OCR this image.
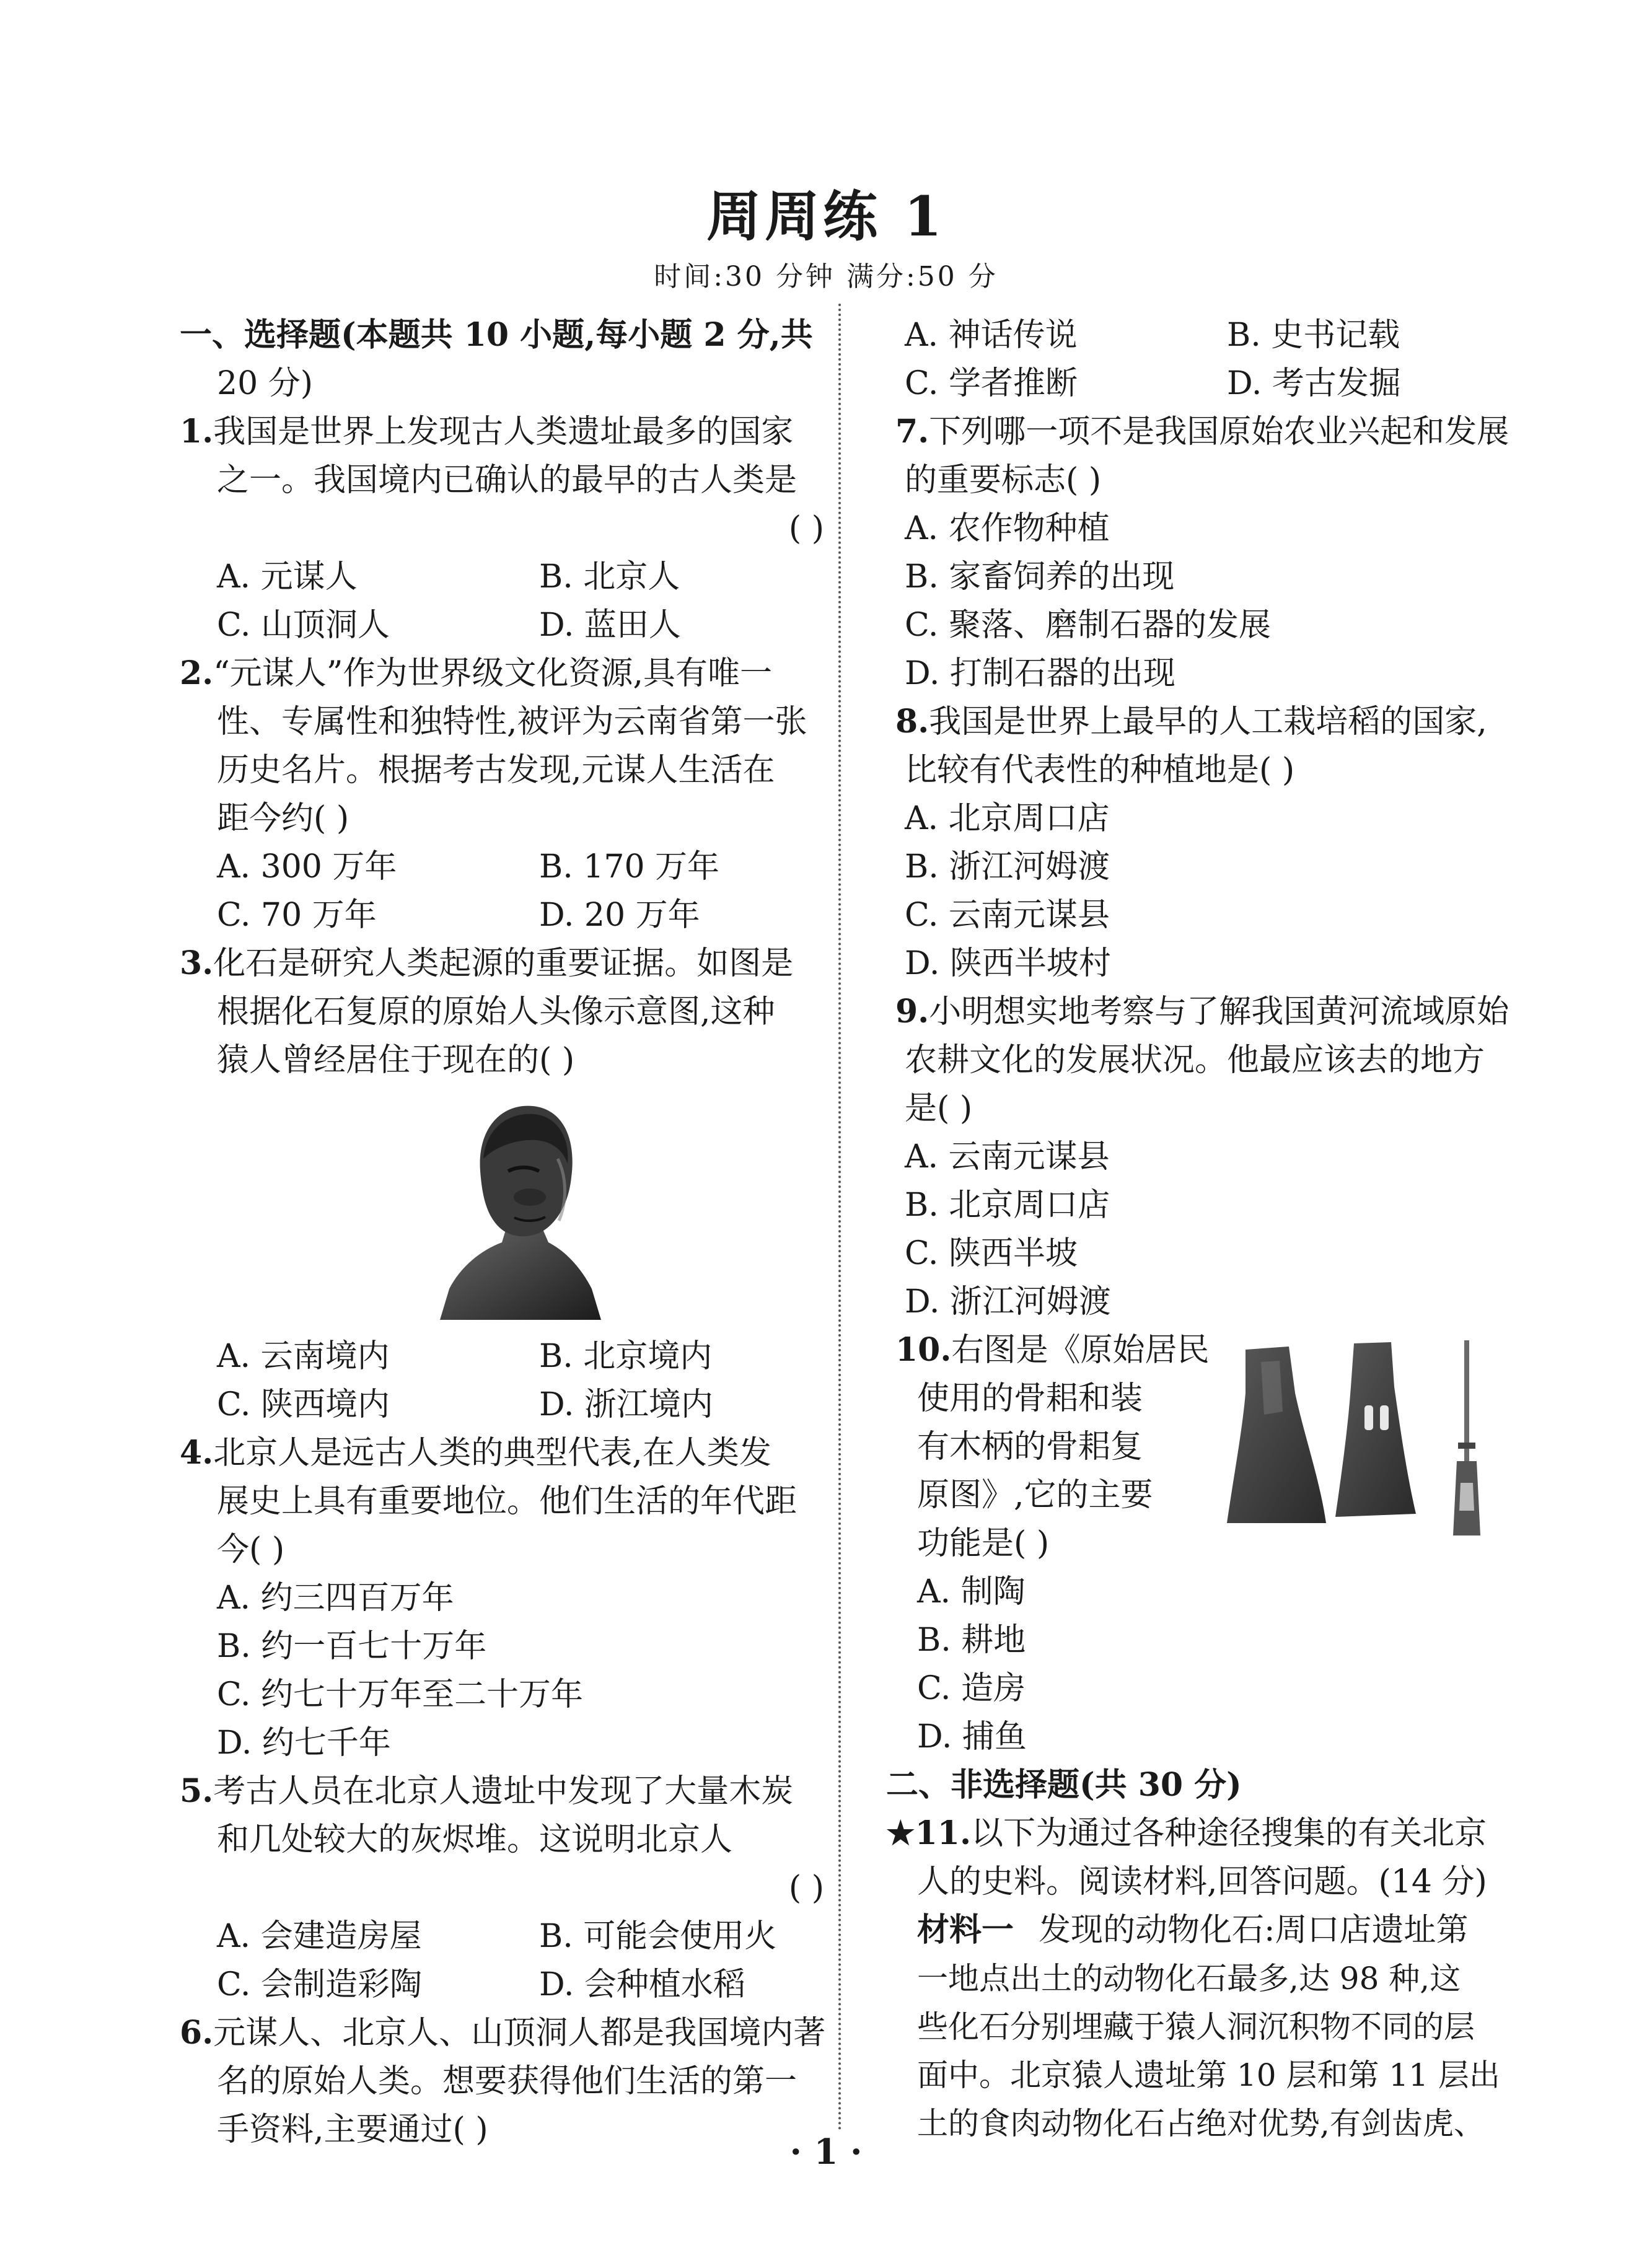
周周练 1
时间:30 分钟 满分:50 分
一、选择题(本题共 10 小题,每小题 2 分,共
20 分)
1.我国是世界上发现古人类遗址最多的国家
之一。我国境内已确认的最早的古人类是
( )
A. 元谋人	B. 北京人
C. 山顶洞人	D. 蓝田人
2.“元谋人”作为世界级文化资源,具有唯一
性、专属性和独特性,被评为云南省第一张
历史名片。根据考古发现,元谋人生活在
距今约( )
A. 300 万年	B. 170 万年
C. 70 万年	D. 20 万年
3.化石是研究人类起源的重要证据。如图是
根据化石复原的原始人头像示意图,这种
猿人曾经居住于现在的( )
A. 云南境内	B. 北京境内
C. 陕西境内	D. 浙江境内
4.北京人是远古人类的典型代表,在人类发
展史上具有重要地位。他们生活的年代距
今( )
A. 约三四百万年
B. 约一百七十万年
C. 约七十万年至二十万年
D. 约七千年
5.考古人员在北京人遗址中发现了大量木炭
和几处较大的灰烬堆。这说明北京人
( )
A. 会建造房屋	B. 可能会使用火
C. 会制造彩陶	D. 会种植水稻
6.元谋人、北京人、山顶洞人都是我国境内著
名的原始人类。想要获得他们生活的第一
手资料,主要通过( )
A. 神话传说	B. 史书记载
C. 学者推断	D. 考古发掘
7.下列哪一项不是我国原始农业兴起和发展
的重要标志( )
A. 农作物种植
B. 家畜饲养的出现
C. 聚落、磨制石器的发展
D. 打制石器的出现
8.我国是世界上最早的人工栽培稻的国家,
比较有代表性的种植地是( )
A. 北京周口店
B. 浙江河姆渡
C. 云南元谋县
D. 陕西半坡村
9.小明想实地考察与了解我国黄河流域原始
农耕文化的发展状况。他最应该去的地方
是( )
A. 云南元谋县
B. 北京周口店
C. 陕西半坡
D. 浙江河姆渡
10.右图是《原始居民
使用的骨耜和装
有木柄的骨耜复
原图》,它的主要
功能是( )
A. 制陶
B. 耕地
C. 造房
D. 捕鱼
二、非选择题(共 30 分)
★11.以下为通过各种途径搜集的有关北京
人的史料。阅读材料,回答问题。(14 分)
材料一 发现的动物化石:周口店遗址第
一地点出土的动物化石最多,达 98 种,这
些化石分别埋藏于猿人洞沉积物不同的层
面中。北京猿人遗址第 10 层和第 11 层出
土的食肉动物化石占绝对优势,有剑齿虎、
· 1 ·
